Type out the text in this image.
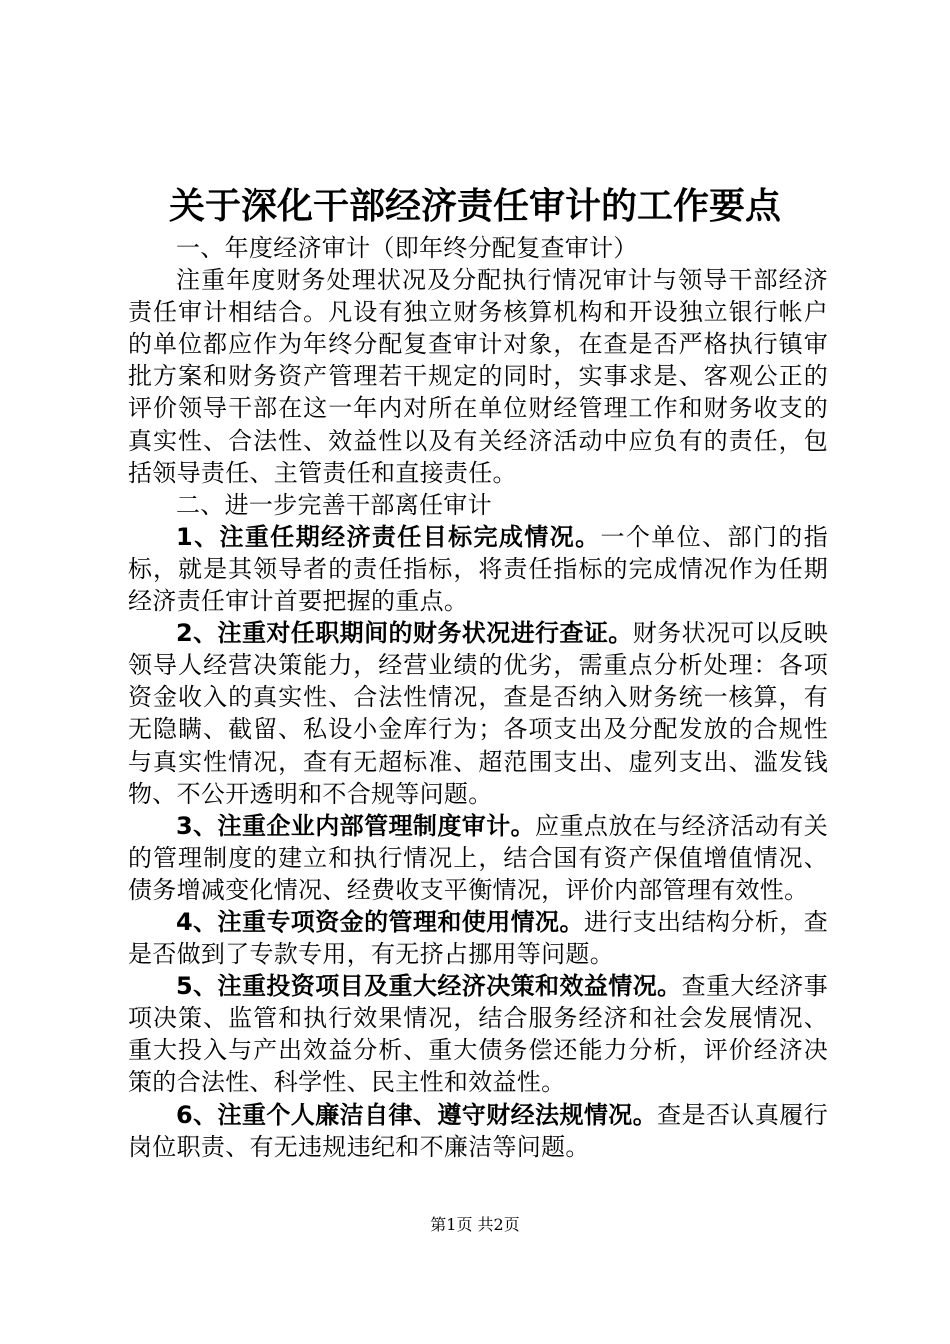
关于深化干部经济责任审计的工作要点

一、年度经济审计（即年终分配复查审计）

注重年度财务处理状况及分配执行情况审计与领导干部经济责任审计相结合。凡设有独立财务核算机构和开设独立银行帐户的单位都应作为年终分配复查审计对象，在查是否严格执行镇审批方案和财务资产管理若干规定的同时，实事求是、客观公正的评价领导干部在这一年内对所在单位财经管理工作和财务收支的真实性、合法性、效益性以及有关经济活动中应负有的责任，包括领导责任、主管责任和直接责任。

二、进一步完善干部离任审计

1、注重任期经济责任目标完成情况。一个单位、部门的指标，就是其领导者的责任指标，将责任指标的完成情况作为任期经济责任审计首要把握的重点。

2、注重对任职期间的财务状况进行查证。财务状况可以反映领导人经营决策能力，经营业绩的优劣，需重点分析处理：各项资金收入的真实性、合法性情况，查是否纳入财务统一核算，有无隐瞒、截留、私设小金库行为；各项支出及分配发放的合规性与真实性情况，查有无超标准、超范围支出、虚列支出、滥发钱物、不公开透明和不合规等问题。

3、注重企业内部管理制度审计。应重点放在与经济活动有关的管理制度的建立和执行情况上，结合国有资产保值增值情况、债务增减变化情况、经费收支平衡情况，评价内部管理有效性。

4、注重专项资金的管理和使用情况。进行支出结构分析，查是否做到了专款专用，有无挤占挪用等问题。

5、注重投资项目及重大经济决策和效益情况。查重大经济事项决策、监管和执行效果情况，结合服务经济和社会发展情况、重大投入与产出效益分析、重大债务偿还能力分析，评价经济决策的合法性、科学性、民主性和效益性。

6、注重个人廉洁自律、遵守财经法规情况。查是否认真履行岗位职责、有无违规违纪和不廉洁等问题。

第1页 共2页
